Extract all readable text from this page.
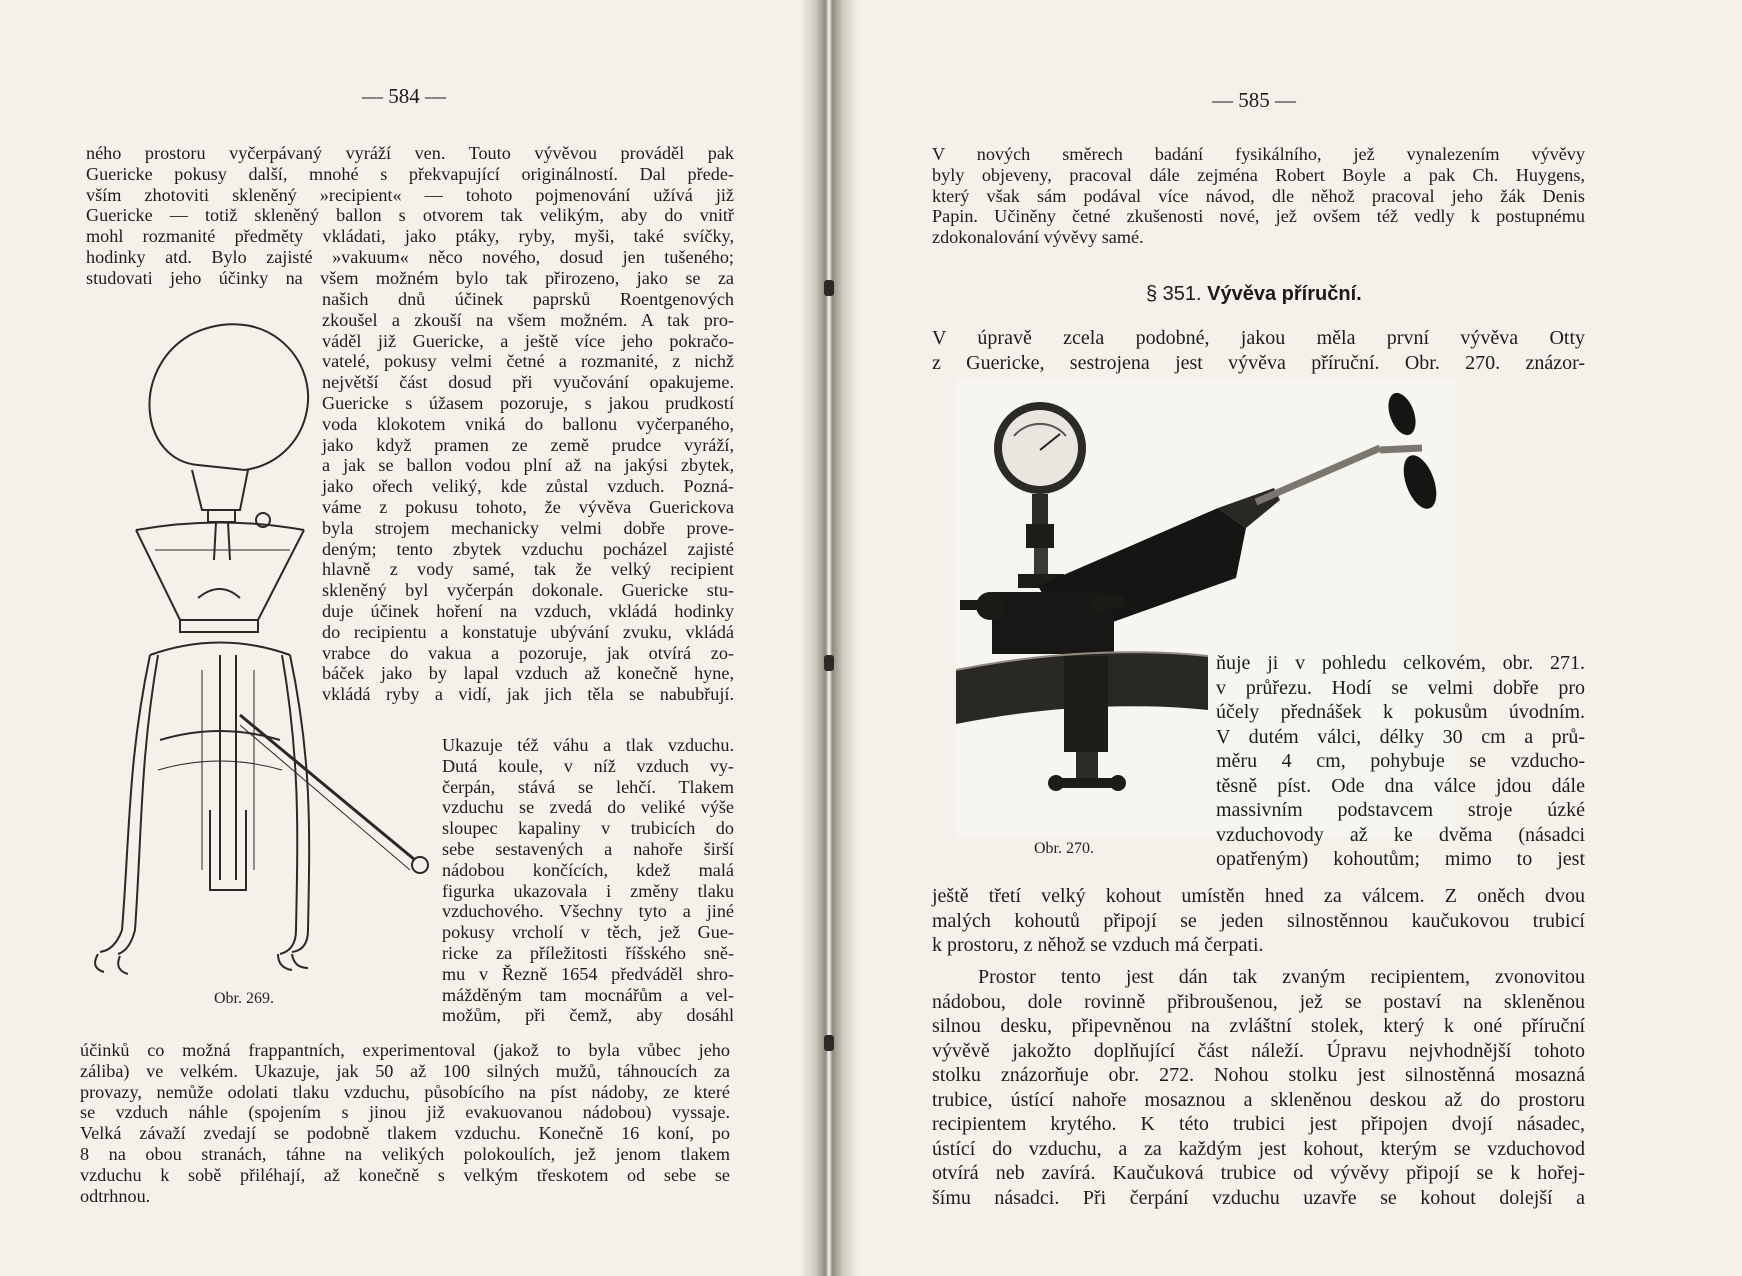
— 584 —
ného prostoru vyčerpávaný vyráží ven. Touto vývěvou prováděl pak
Guericke pokusy další, mnohé s překvapující originálností. Dal přede-
vším zhotoviti skleněný »recipient« — tohoto pojmenování užívá již
Guericke — totiž skleněný ballon s otvorem tak velikým, aby do vnitř
mohl rozmanité předměty vkládati, jako ptáky, ryby, myši, také svíčky,
hodinky atd. Bylo zajisté »vakuum« něco nového, dosud jen tušeného;
studovati jeho účinky na všem možném bylo tak přirozeno, jako se za
našich dnů účinek paprsků Roentgenových
zkoušel a zkouší na všem možném. A tak pro-
váděl již Guericke, a ještě více jeho pokračo-
vatelé, pokusy velmi četné a rozmanité, z nichž
největší část dosud při vyučování opakujeme.
Guericke s úžasem pozoruje, s jakou prudkostí
voda klokotem vniká do ballonu vyčerpaného,
jako když pramen ze země prudce vyráží,
a jak se ballon vodou plní až na jakýsi zbytek,
jako ořech veliký, kde zůstal vzduch. Pozná-
váme z pokusu tohoto, že vývěva Guerickova
byla strojem mechanicky velmi dobře prove-
deným; tento zbytek vzduchu pocházel zajisté
hlavně z vody samé, tak že velký recipient
skleněný byl vyčerpán dokonale. Guericke stu-
duje účinek hoření na vzduch, vkládá hodinky
do recipientu a konstatuje ubývání zvuku, vkládá
vrabce do vakua a pozoruje, jak otvírá zo-
báček jako by lapal vzduch až konečně hyne,
vkládá ryby a vidí, jak jich těla se nabubřují.
Ukazuje též váhu a tlak vzduchu.
Dutá koule, v níž vzduch vy-
čerpán, stává se lehčí. Tlakem
vzduchu se zvedá do veliké výše
sloupec kapaliny v trubicích do
sebe sestavených a nahoře širší
nádobou končících, kdež malá
figurka ukazovala i změny tlaku
vzduchového. Všechny tyto a jiné
pokusy vrcholí v těch, jež Gue-
ricke za příležitosti říšského sně-
mu v Řezně 1654 předváděl shro-
mážděným tam mocnářům a vel-
možům, při čemž, aby dosáhl
účinků co možná frappantních, experimentoval (jakož to byla vůbec jeho
záliba) ve velkém. Ukazuje, jak 50 až 100 silných mužů, táhnoucích za
provazy, nemůže odolati tlaku vzduchu, působícího na píst nádoby, ze které
se vzduch náhle (spojením s jinou již evakuovanou nádobou) vyssaje.
Velká závaží zvedají se podobně tlakem vzduchu. Konečně 16 koní, po
8 na obou stranách, táhne na velikých polokoulích, jež jenom tlakem
vzduchu k sobě přiléhají, až konečně s velkým třeskotem od sebe se
odtrhnou.
Obr. 269.
— 585 —
V nových směrech badání fysikálního, jež vynalezením vývěvy
byly objeveny, pracoval dále zejména Robert Boyle a pak Ch. Huygens,
který však sám podával více návod, dle něhož pracoval jeho žák Denis
Papin. Učiněny četné zkušenosti nové, jež ovšem též vedly k postupnému
zdokonalování vývěvy samé.
§ 351. Vývěva příruční.
V úpravě zcela podobné, jakou měla první vývěva Otty
z Guericke, sestrojena jest vývěva příruční. Obr. 270. znázor-
Obr. 270.
ňuje ji v pohledu celkovém, obr. 271.
v průřezu. Hodí se velmi dobře pro
účely přednášek k pokusům úvodním.
V dutém válci, délky 30 cm a prů-
měru 4 cm, pohybuje se vzducho-
těsně píst. Ode dna válce jdou dále
massivním podstavcem stroje úzké
vzduchovody až ke dvěma (násadci
opatřeným) kohoutům; mimo to jest
ještě třetí velký kohout umístěn hned za válcem. Z oněch dvou
malých kohoutů připojí se jeden silnostěnnou kaučukovou trubicí
k prostoru, z něhož se vzduch má čerpati.
Prostor tento jest dán tak zvaným recipientem, zvonovitou
nádobou, dole rovinně přibroušenou, jež se postaví na skleněnou
silnou desku, připevněnou na zvláštní stolek, který k oné příruční
vývěvě jakožto doplňující část náleží. Úpravu nejvhodnější tohoto
stolku znázorňuje obr. 272. Nohou stolku jest silnostěnná mosazná
trubice, ústící nahoře mosaznou a skleněnou deskou až do prostoru
recipientem krytého. K této trubici jest připojen dvojí násadec,
ústící do vzduchu, a za každým jest kohout, kterým se vzduchovod
otvírá neb zavírá. Kaučuková trubice od vývěvy připojí se k hořej-
šímu násadci. Při čerpání vzduchu uzavře se kohout dolejší a
